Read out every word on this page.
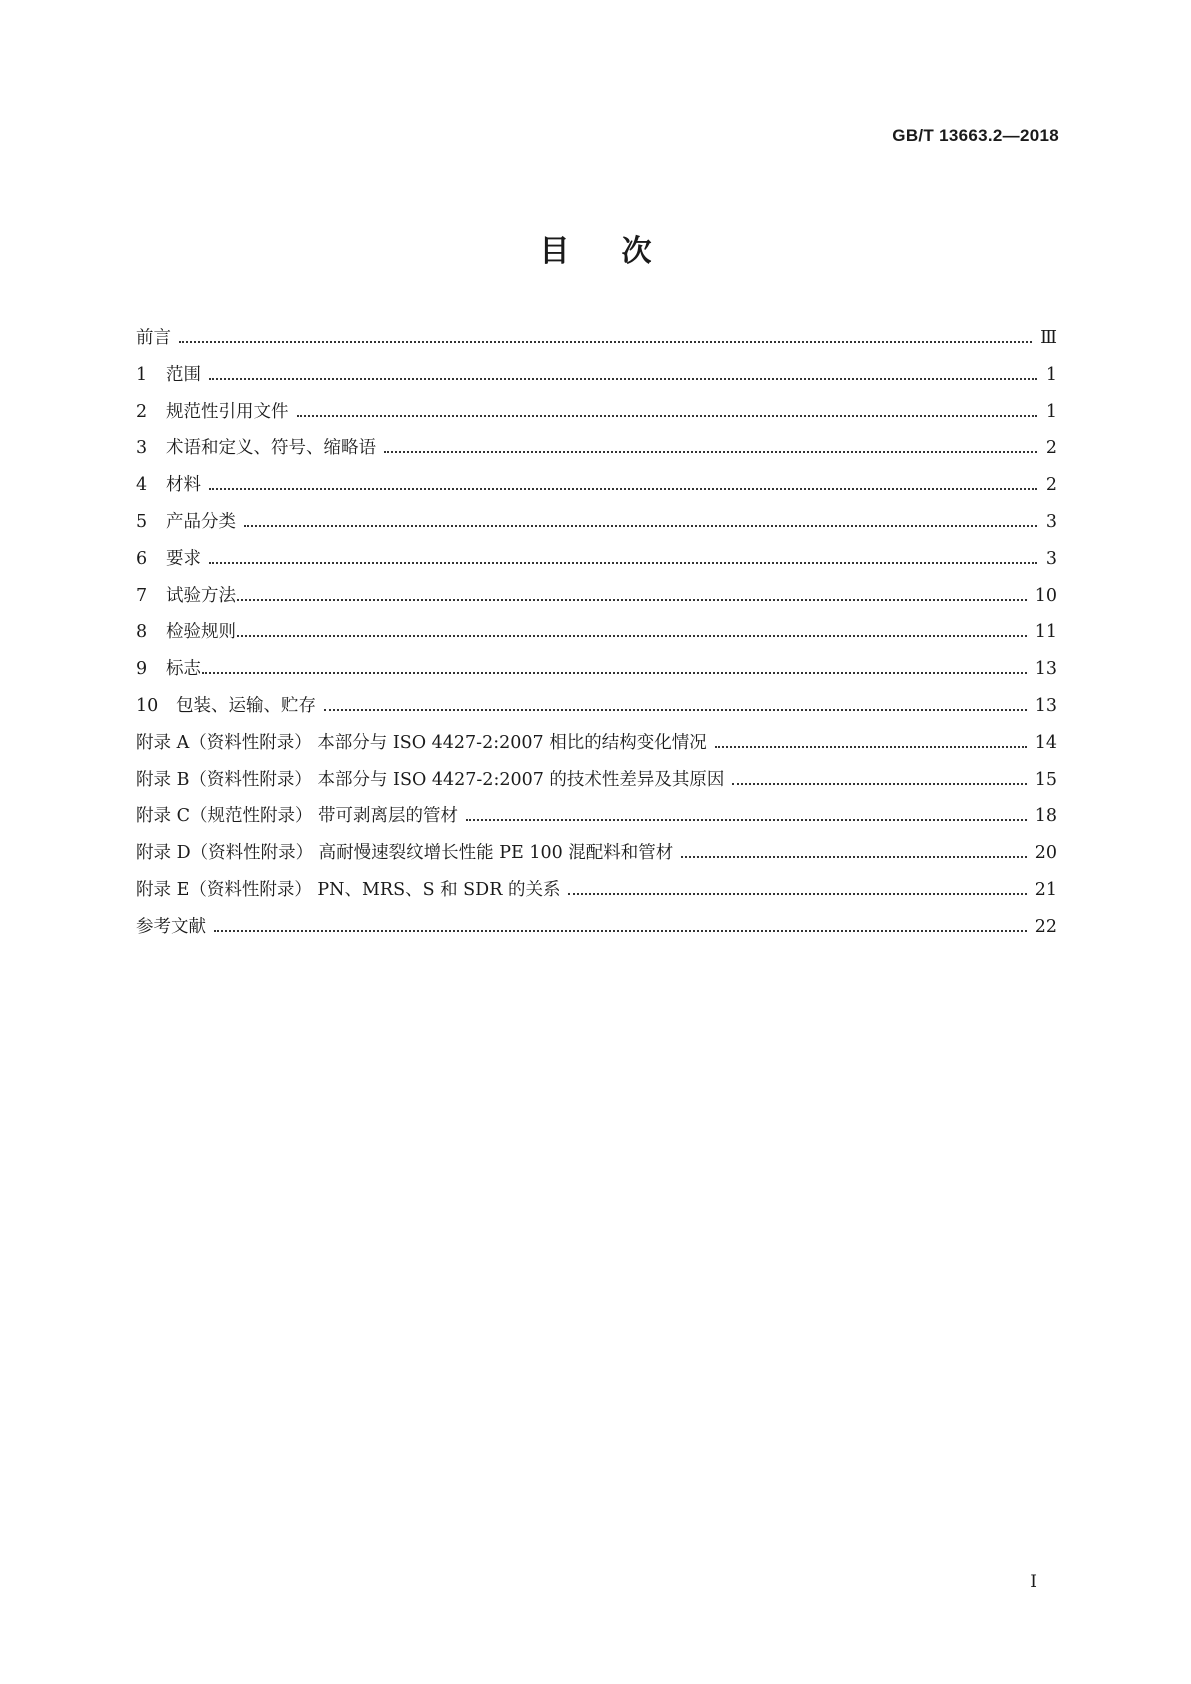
GB/T 13663.2—2018
目次
前言	Ⅲ
1	范围	1
2	规范性引用文件	1
3	术语和定义、符号、缩略语	2
4	材料	2
5	产品分类	3
6	要求	3
7	试验方法	10
8	检验规则	11
9	标志	13
10	包装、运输、贮存	13
附录 A（资料性附录） 本部分与 ISO 4427-2:2007 相比的结构变化情况	14
附录 B（资料性附录） 本部分与 ISO 4427-2:2007 的技术性差异及其原因	15
附录 C（规范性附录） 带可剥离层的管材	18
附录 D（资料性附录） 高耐慢速裂纹增长性能 PE 100 混配料和管材	20
附录 E（资料性附录） PN、MRS、S 和 SDR 的关系	21
参考文献	22
I
